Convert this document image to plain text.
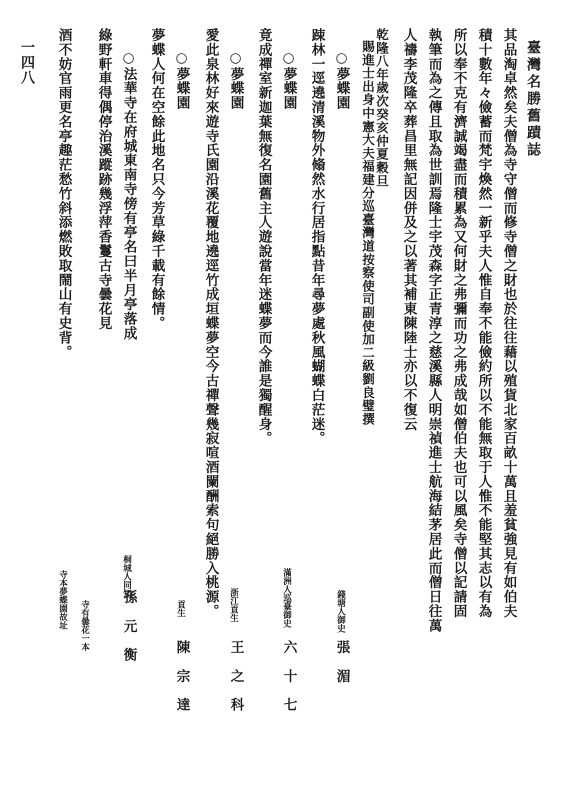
臺灣名勝舊蹟誌
一四八	其品淘卓然矣夫僧為寺守僧而修寺僧之財也於往往藉以殖貨北家百畝十萬且羞貧強見有如伯夫
積十數年々儉蓄而梵宇煥然一新乎夫人惟自奉不能儉約所以不能無取于人惟不能堅其志以有為
所以奉不克有濟誠竭盡而積累為又何財之弗彌而功之弗成哉如僧伯夫也可以風矣寺僧以記請固
執筆而為之傳且取為世訓焉隆士宇茂森字正青淳之慈溪縣人明崇禎進士航海結茅居此而僧日往萬
人禱李茂隆卒葬昌里無記因併及之以著其補東陳陸士亦以不復云
乾隆八年歲次癸亥仲夏穀旦
賜進士出身中憲大夫福建分巡臺灣道按察使司副使加二級劉良璧撰
○夢蝶園
錢塘人御史
張　湄
踈林一逕遶清溪物外翛然水行居指點昔年尋夢處秋風蝴蝶白茫迷。
○夢蝶園
滿洲人巡臺御史
六　十　七
竟成禪室新迦葉無復名園舊主人遊說當年迷蝶夢而今誰是獨醒身。
○夢蝶園
浙江貢生
王　之　科
愛此泉林好來遊寺氏園沿溪花覆地遶逕竹成垣蝶夢空今古禪聲幾寂喧酒闌酬索句絕勝入桃源。
○夢蝶園
貢生
陳　宗　達
夢蝶人何在空餘此地名只今芳草綠千載有餘情。
○法華寺在府城東南寺傍有亭名曰半月亭落成
桐城人同知
孫　元　衡
綠野軒車得偶停治溪蹤跡幾浮萍香鬘古寺曇花見
寺有曇花一本
酒不妨官雨更名亭趣茫愁竹斜添燃敗取鬧山有史背。
寺本夢蝶園故址
